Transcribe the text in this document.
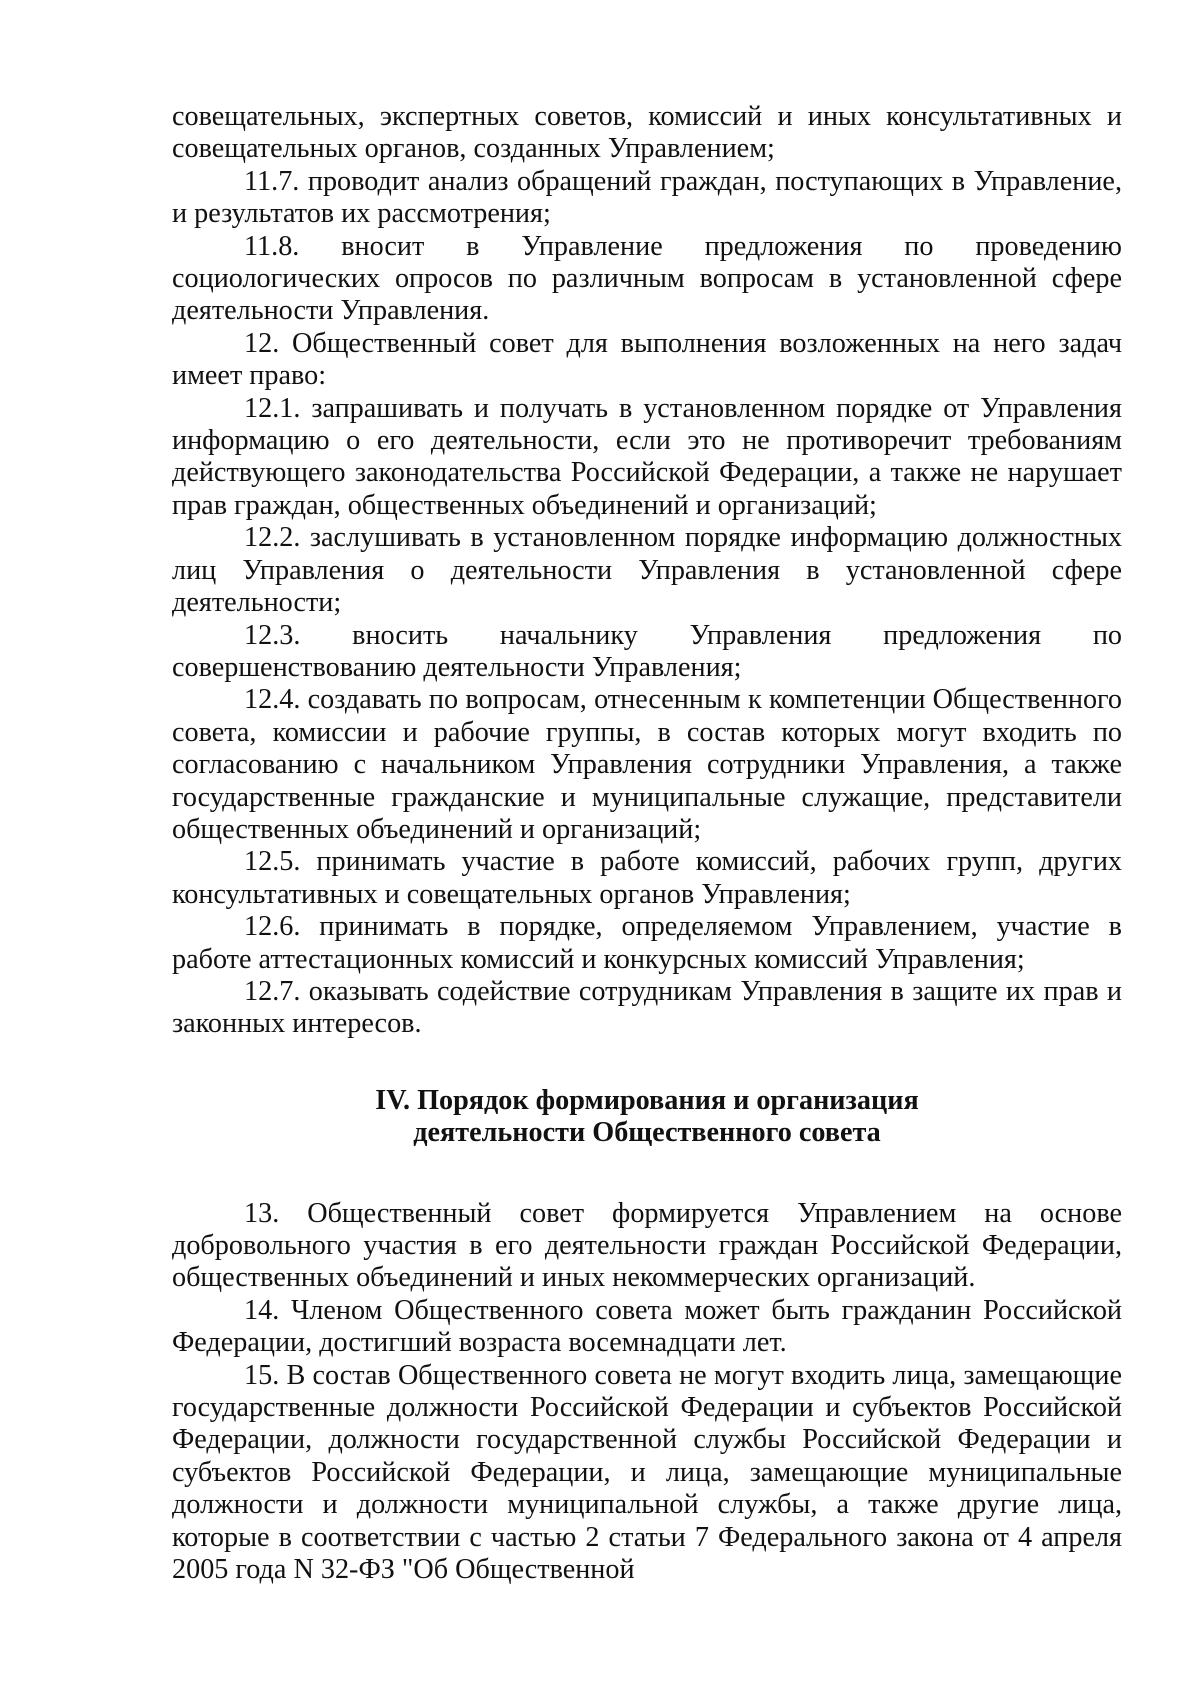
совещательных, экспертных советов, комиссий и иных консультативных и совещательных органов, созданных Управлением;

11.7. проводит анализ обращений граждан, поступающих в Управление, и результатов их рассмотрения;

11.8. вносит в Управление предложения по проведению социологических опросов по различным вопросам в установленной сфере деятельности Управления.

12. Общественный совет для выполнения возложенных на него задач имеет право:

12.1. запрашивать и получать в установленном порядке от Управления информацию о его деятельности, если это не противоречит требованиям действующего законодательства Российской Федерации, а также не нарушает прав граждан, общественных объединений и организаций;

12.2. заслушивать в установленном порядке информацию должностных лиц Управления о деятельности Управления в установленной сфере деятельности;

12.3. вносить начальнику Управления предложения по совершенствованию деятельности Управления;

12.4. создавать по вопросам, отнесенным к компетенции Общественного совета, комиссии и рабочие группы, в состав которых могут входить по согласованию с начальником Управления сотрудники Управления, а также государственные гражданские и муниципальные служащие, представители общественных объединений и организаций;

12.5. принимать участие в работе комиссий, рабочих групп, других консультативных и совещательных органов Управления;

12.6. принимать в порядке, определяемом Управлением, участие в работе аттестационных комиссий и конкурсных комиссий Управления;

12.7. оказывать содействие сотрудникам Управления в защите их прав и законных интересов.

IV. Порядок формирования и организация
деятельности Общественного совета

13. Общественный совет формируется Управлением на основе добровольного участия в его деятельности граждан Российской Федерации, общественных объединений и иных некоммерческих организаций.

14. Членом Общественного совета может быть гражданин Российской Федерации, достигший возраста восемнадцати лет.

15. В состав Общественного совета не могут входить лица, замещающие государственные должности Российской Федерации и субъектов Российской Федерации, должности государственной службы Российской Федерации и субъектов Российской Федерации, и лица, замещающие муниципальные должности и должности муниципальной службы, а также другие лица, которые в соответствии с частью 2 статьи 7 Федерального закона от 4 апреля 2005 года N 32-ФЗ "Об Общественной
